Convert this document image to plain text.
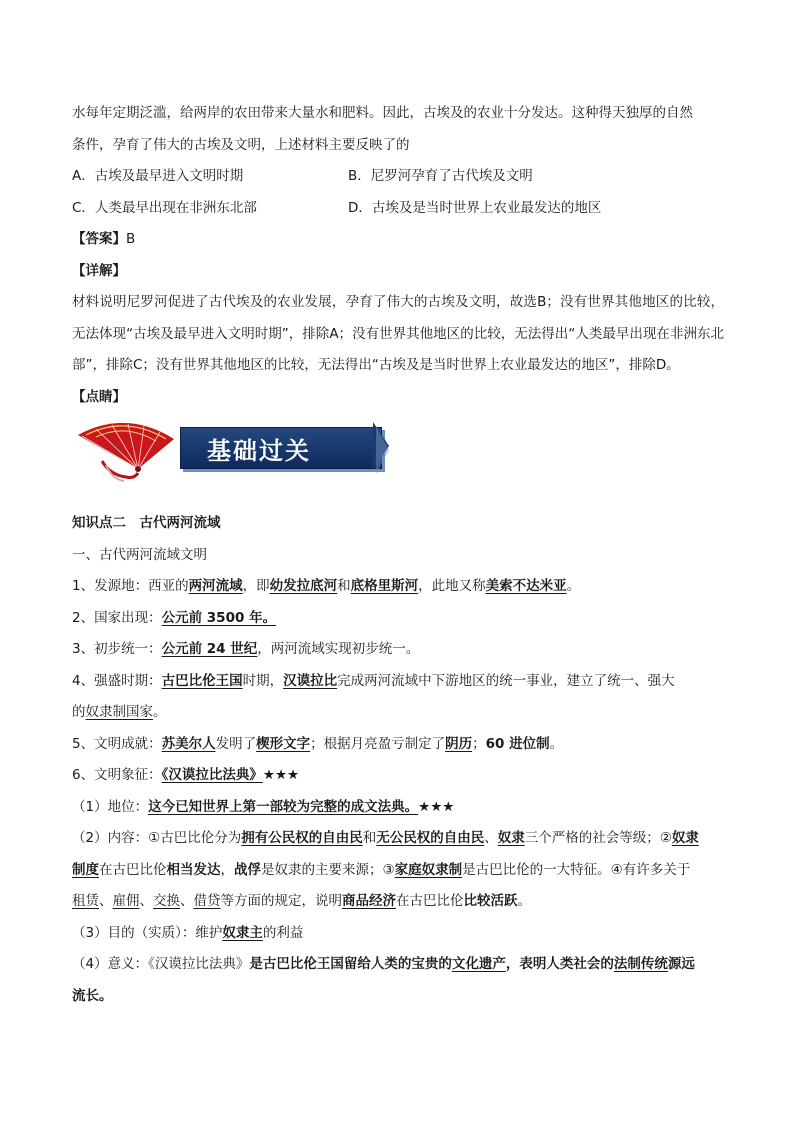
水每年定期泛滥，给两岸的农田带来大量水和肥料。因此，古埃及的农业十分发达。这种得天独厚的自然
条件，孕育了伟大的古埃及文明，上述材料主要反映了的
A．古埃及最早进入文明时期	B．尼罗河孕育了古代埃及文明
C．人类最早出现在非洲东北部	D．古埃及是当时世界上农业最发达的地区
【答案】B
【详解】
材料说明尼罗河促进了古代埃及的农业发展，孕育了伟大的古埃及文明，故选B；没有世界其他地区的比较，无法体现“古埃及最早进入文明时期”，排除A；没有世界其他地区的比较，无法得出“人类最早出现在非洲东北部”，排除C；没有世界其他地区的比较，无法得出“古埃及是当时世界上农业最发达的地区”，排除D。
【点睛】
基础过关
知识点二　古代两河流域
一、古代两河流域文明
1、发源地：西亚的两河流域，即幼发拉底河和底格里斯河，此地又称美索不达米亚。
2、国家出现：公元前 3500 年。
3、初步统一：公元前 24 世纪，两河流域实现初步统一。
4、强盛时期：古巴比伦王国时期，汉谟拉比完成两河流域中下游地区的统一事业，建立了统一、强大
的奴隶制国家。
5、文明成就：苏美尔人发明了楔形文字；根据月亮盈亏制定了阴历；60 进位制。
6、文明象征：《汉谟拉比法典》★★★
（1）地位：这今已知世界上第一部较为完整的成文法典。★★★
（2）内容：①古巴比伦分为拥有公民权的自由民和无公民权的自由民、奴隶三个严格的社会等级；②奴隶
制度在古巴比伦相当发达，战俘是奴隶的主要来源；③家庭奴隶制是古巴比伦的一大特征。④有许多关于
租赁、雇佣、交换、借贷等方面的规定，说明商品经济在古巴比伦比较活跃。
（3）目的（实质）：维护奴隶主的利益
（4）意义：《汉谟拉比法典》是古巴比伦王国留给人类的宝贵的文化遗产，表明人类社会的法制传统源远
流长。
